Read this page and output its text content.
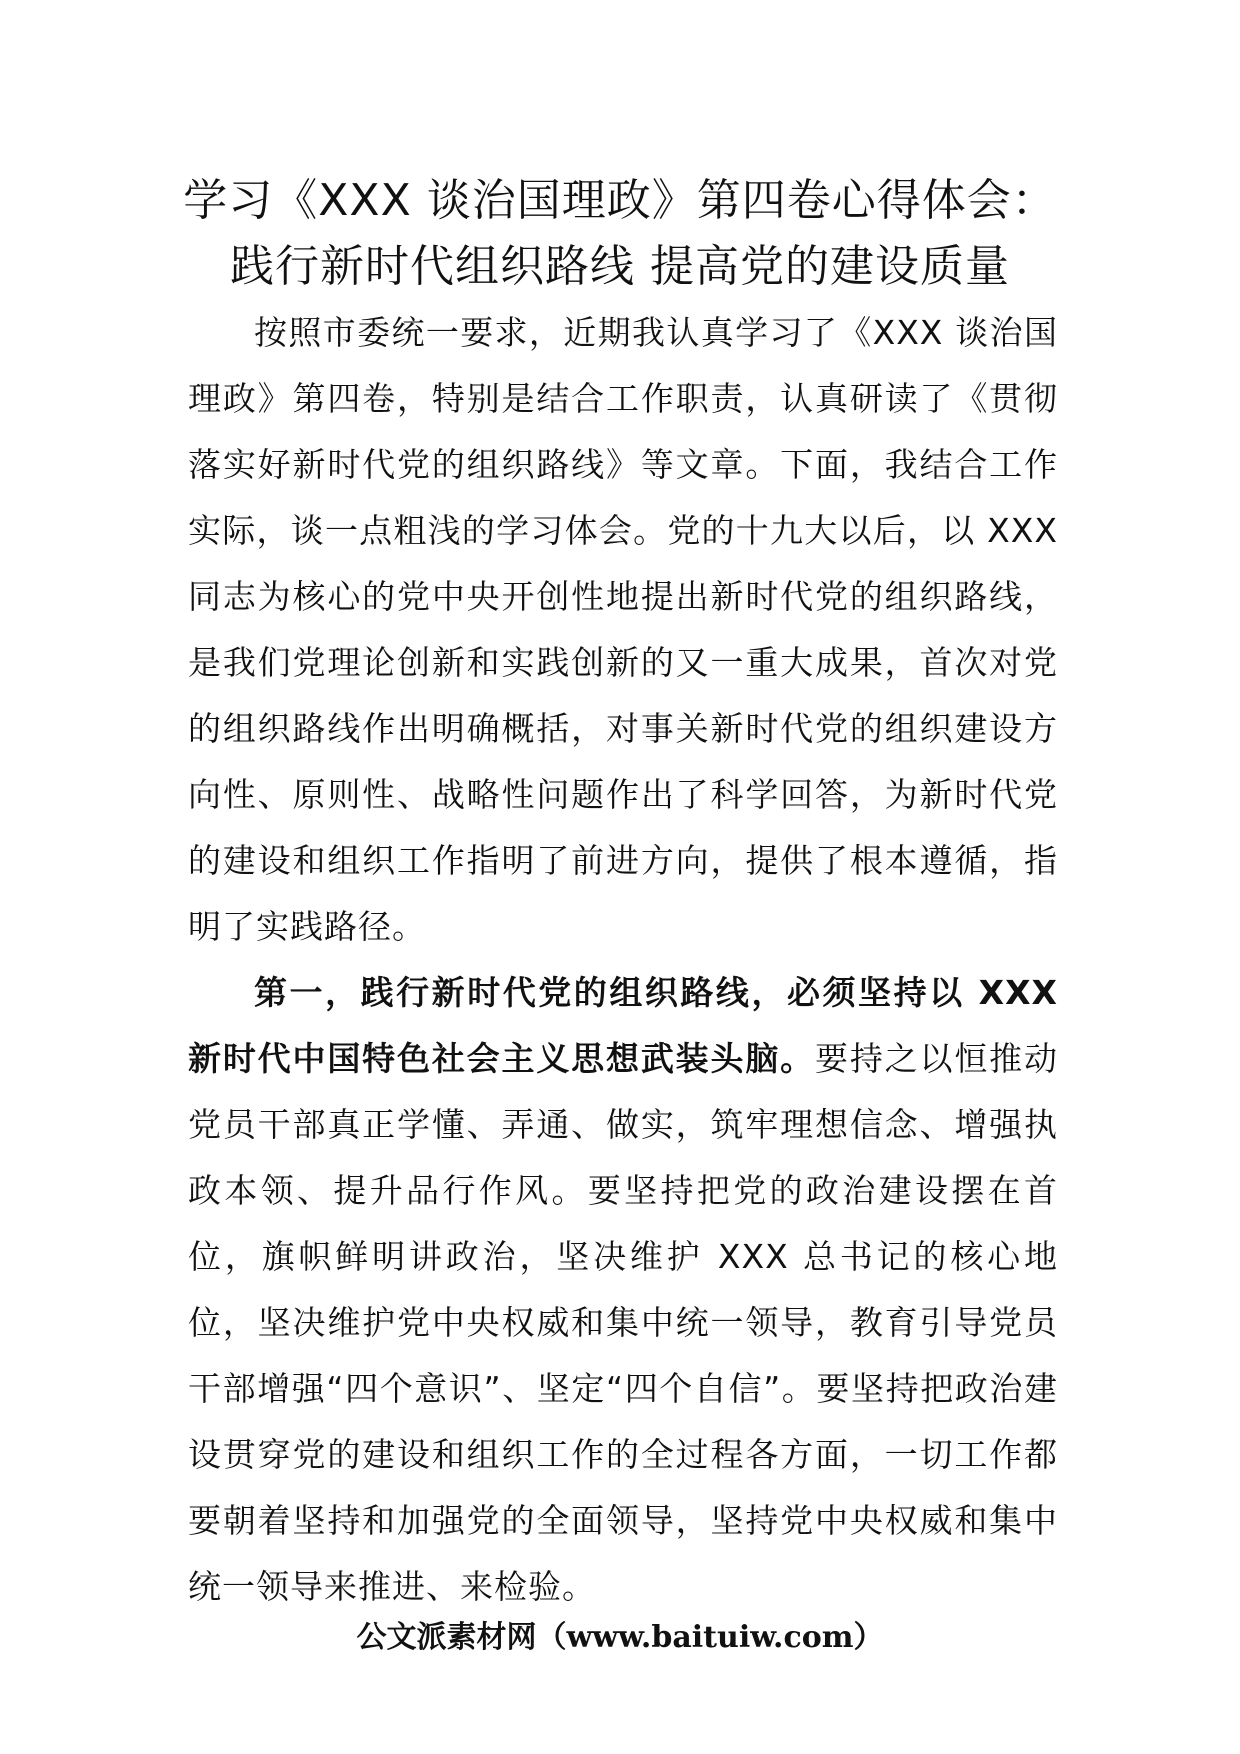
学习《XXX 谈治国理政》第四卷心得体会：
践行新时代组织路线 提高党的建设质量

按照市委统一要求，近期我认真学习了《XXX 谈治国理政》第四卷，特别是结合工作职责，认真研读了《贯彻落实好新时代党的组织路线》等文章。下面，我结合工作实际，谈一点粗浅的学习体会。党的十九大以后，以 XXX 同志为核心的党中央开创性地提出新时代党的组织路线，是我们党理论创新和实践创新的又一重大成果，首次对党的组织路线作出明确概括，对事关新时代党的组织建设方向性、原则性、战略性问题作出了科学回答，为新时代党的建设和组织工作指明了前进方向，提供了根本遵循，指明了实践路径。

第一，践行新时代党的组织路线，必须坚持以 XXX 新时代中国特色社会主义思想武装头脑。要持之以恒推动党员干部真正学懂、弄通、做实，筑牢理想信念、增强执政本领、提升品行作风。要坚持把党的政治建设摆在首位，旗帜鲜明讲政治，坚决维护 XXX 总书记的核心地位，坚决维护党中央权威和集中统一领导，教育引导党员干部增强“四个意识”、坚定“四个自信”。要坚持把政治建设贯穿党的建设和组织工作的全过程各方面，一切工作都要朝着坚持和加强党的全面领导，坚持党中央权威和集中统一领导来推进、来检验。

公文派素材网（www.baituiw.com）
